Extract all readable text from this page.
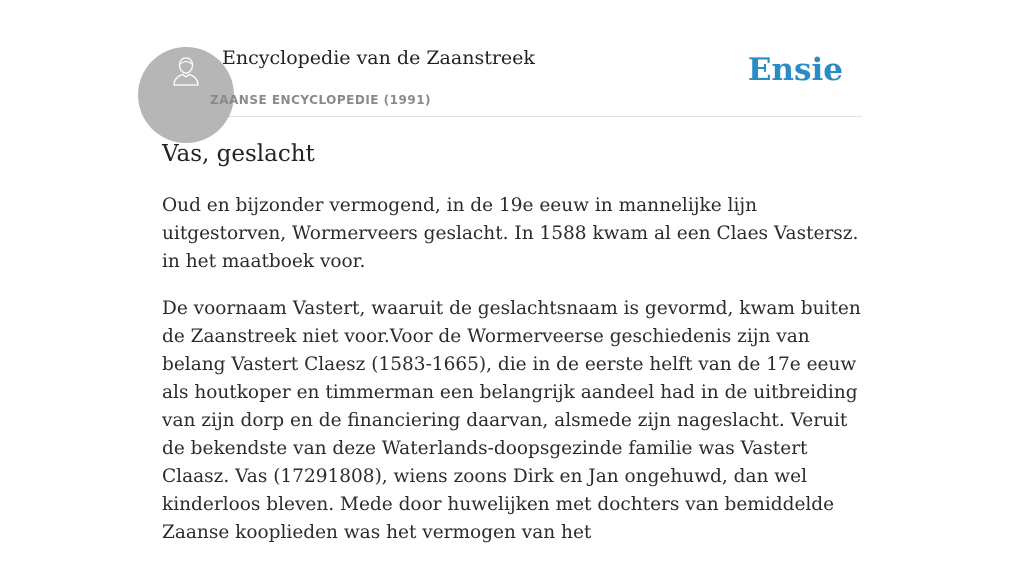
Encyclopedie van de Zaanstreek
ZAANSE ENCYCLOPEDIE (1991)
Ensie
Vas, geslacht

Oud en bijzonder vermogend, in de 19e eeuw in mannelijke lijn uitgestorven, Wormerveers geslacht. In 1588 kwam al een Claes Vastersz. in het maatboek voor.

De voornaam Vastert, waaruit de geslachtsnaam is gevormd, kwam buiten de Zaanstreek niet voor.Voor de Wormerveerse geschiedenis zijn van belang Vastert Claesz (1583-1665), die in de eerste helft van de 17e eeuw als houtkoper en timmerman een belangrijk aandeel had in de uitbreiding van zijn dorp en de financiering daarvan, alsmede zijn nageslacht. Veruit de bekendste van deze Waterlands-doopsgezinde familie was Vastert Claasz. Vas (17291808), wiens zoons Dirk en Jan ongehuwd, dan wel kinderloos bleven. Mede door huwelijken met dochters van bemiddelde Zaanse kooplieden was het vermogen van het
